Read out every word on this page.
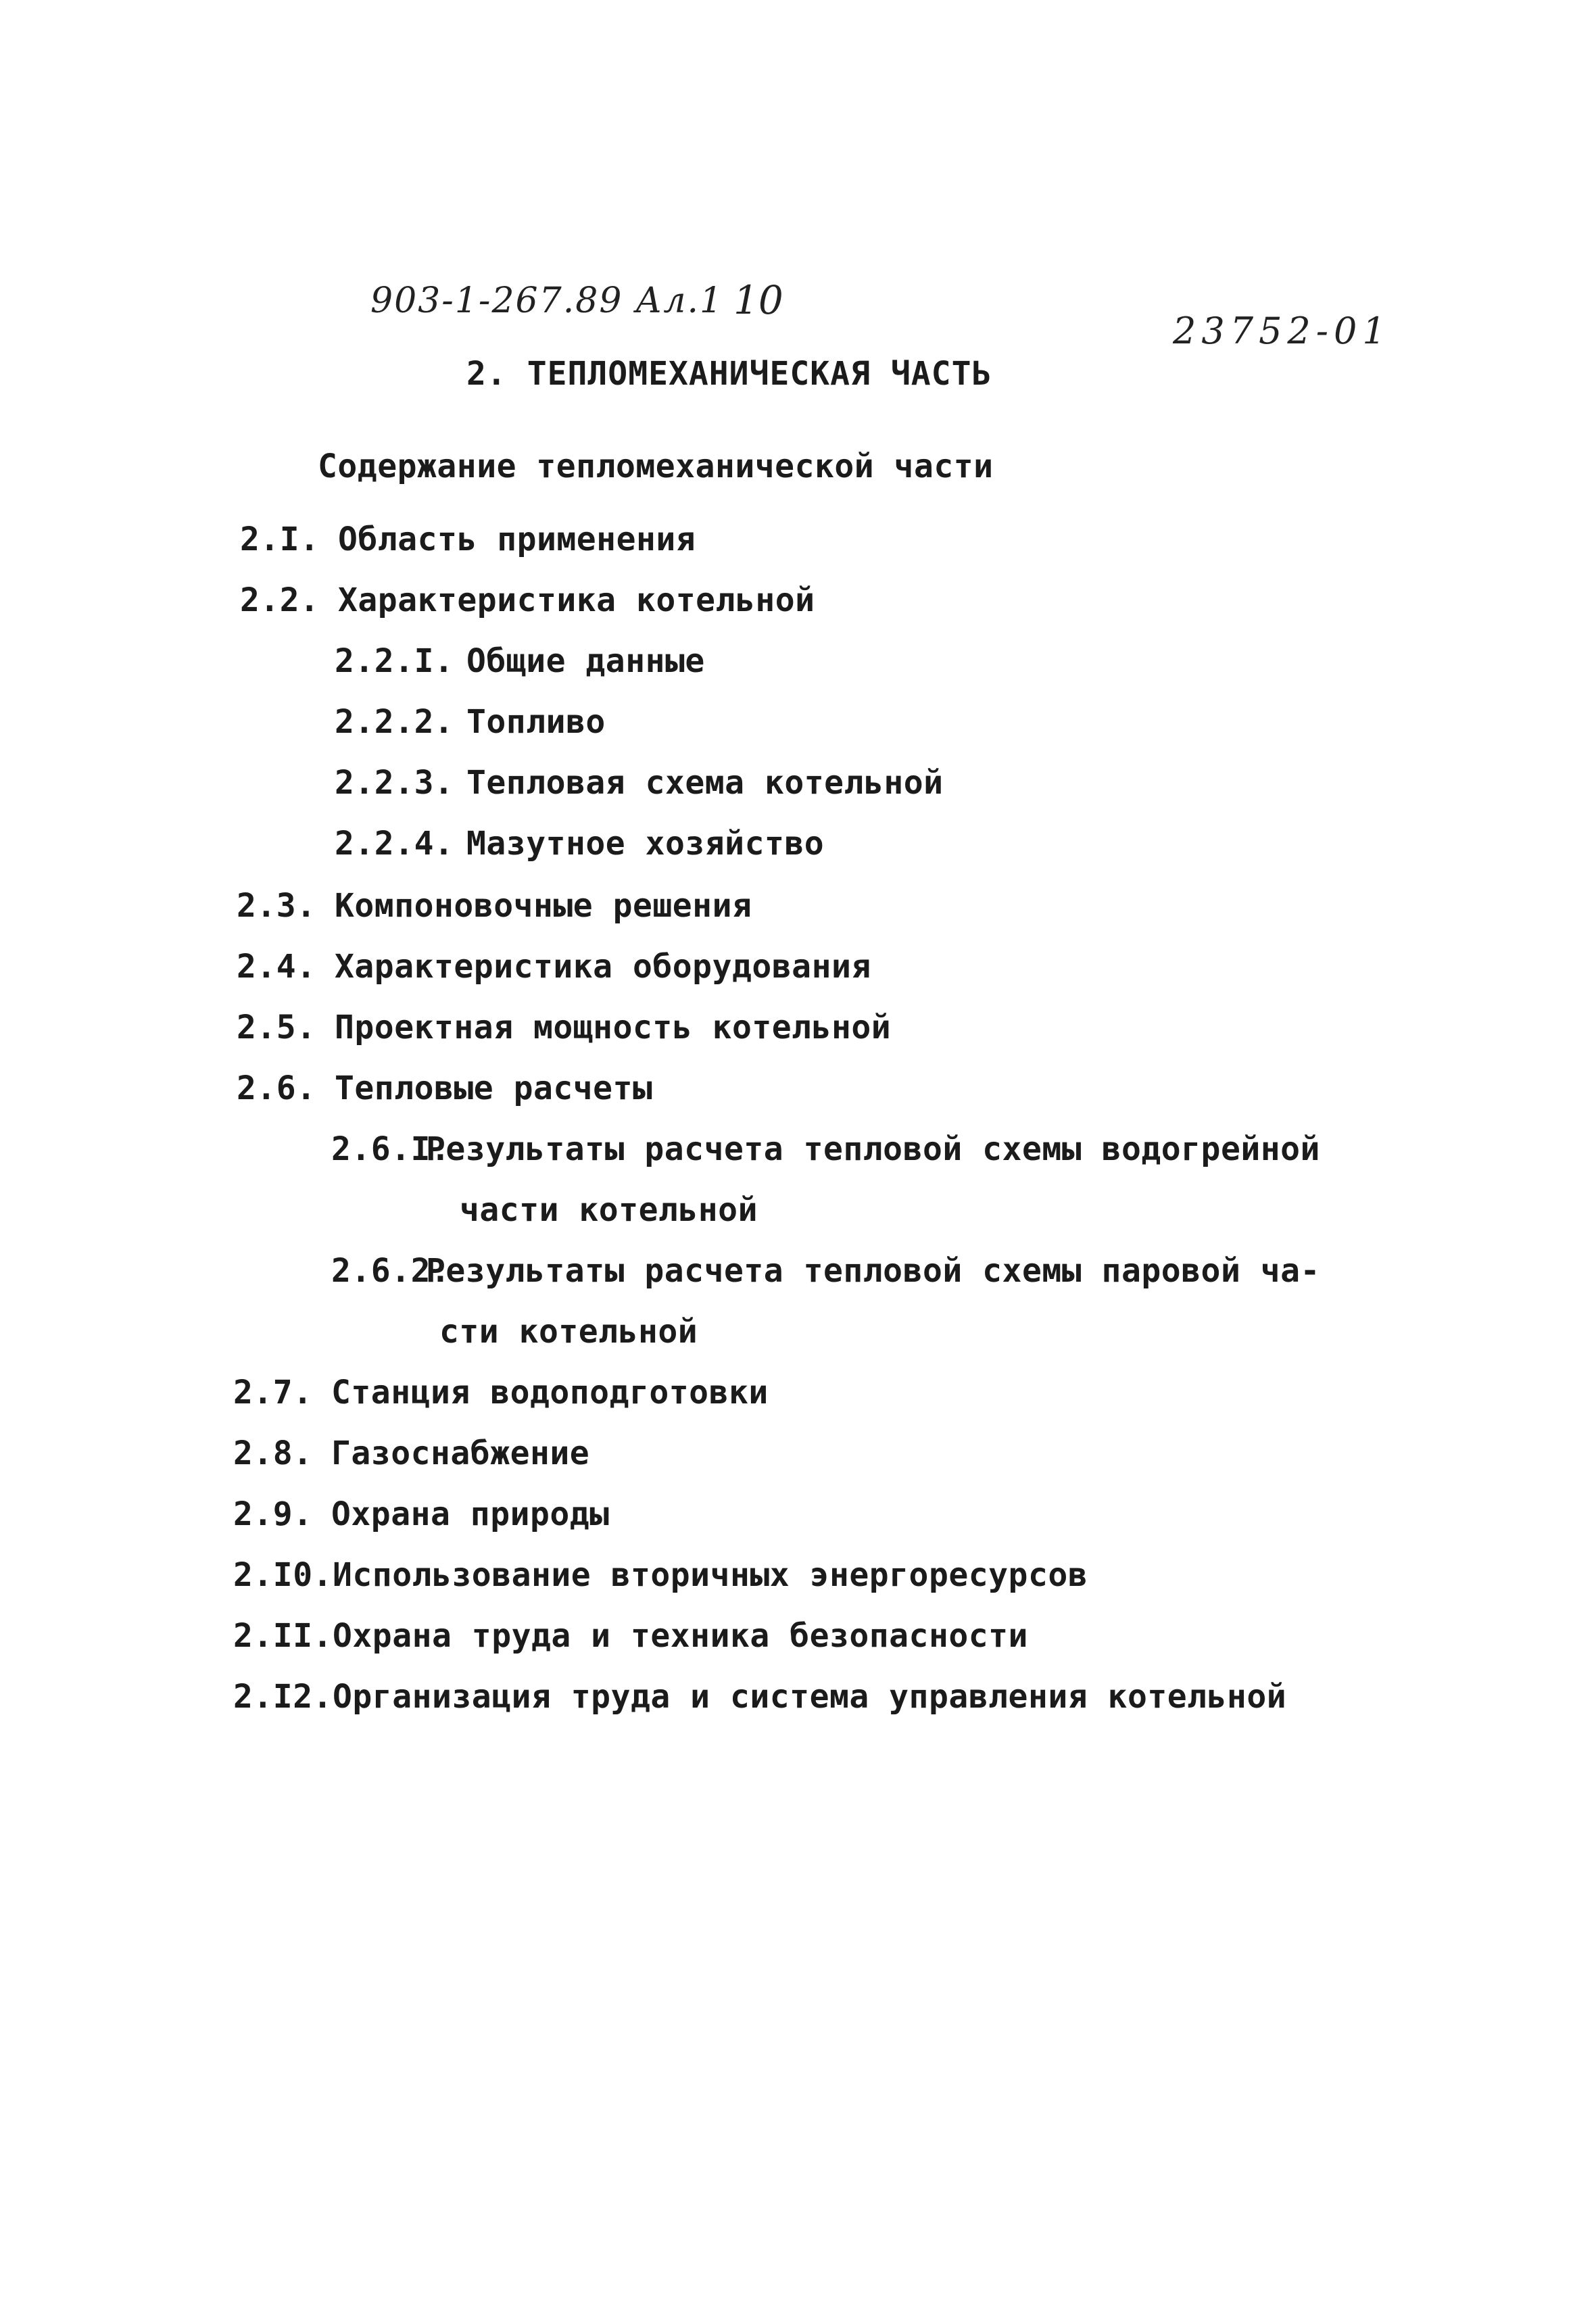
903-1-267.89 Ал.1 10
23752-01
2. ТЕПЛОМЕХАНИЧЕСКАЯ ЧАСТЬ
Содержание тепломеханической части
2.I. Область применения
2.2. Характеристика котельной
2.2.I. Общие данные
2.2.2. Топливо
2.2.3. Тепловая схема котельной
2.2.4. Мазутное хозяйство
2.3. Компоновочные решения
2.4. Характеристика оборудования
2.5. Проектная мощность котельной
2.6. Тепловые расчеты
2.6.I.Результаты расчета тепловой схемы водогрейной
части котельной
2.6.2.Результаты расчета тепловой схемы паровой ча-
сти котельной
2.7. Станция водоподготовки
2.8. Газоснабжение
2.9. Охрана природы
2.I0.Использование вторичных энергоресурсов
2.II.Охрана труда и техника безопасности
2.I2.Организация труда и система управления котельной
